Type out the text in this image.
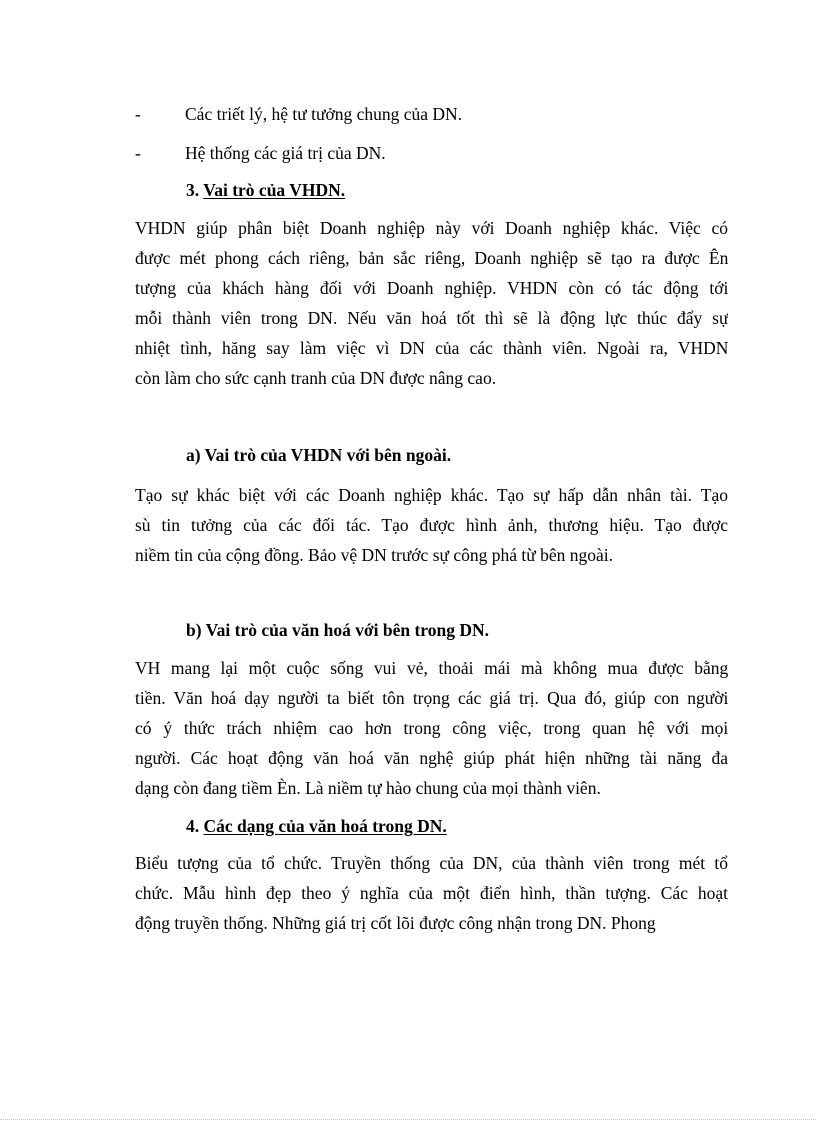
-	Các triết lý, hệ tư tưởng chung của DN.
-	Hệ thống các giá trị của DN.
3. Vai trò của VHDN.
VHDN giúp phân biệt Doanh nghiệp này với Doanh nghiệp khác. Việc có
được mét phong cách riêng, bản sắc riêng, Doanh nghiệp sẽ tạo ra được Ên
tượng của khách hàng đối với Doanh nghiệp. VHDN còn có tác động tới
mỗi thành viên trong DN. Nếu văn hoá tốt thì sẽ là động lực thúc đẩy sự
nhiệt tình, hăng say làm việc vì DN của các thành viên. Ngoài ra, VHDN
còn làm cho sức cạnh tranh của DN được nâng cao.
a) Vai trò của VHDN với bên ngoài.
Tạo sự khác biệt với các Doanh nghiệp khác. Tạo sự hấp dẫn nhân tài. Tạo
sù tin tưởng của các đối tác. Tạo được hình ảnh, thương hiệu. Tạo được
niềm tin của cộng đồng. Bảo vệ DN trước sự công phá từ bên ngoài.
b) Vai trò của văn hoá với bên trong DN.
VH mang lại một cuộc sống vui vẻ, thoải mái mà không mua được bằng
tiền. Văn hoá dạy người ta biết tôn trọng các giá trị. Qua đó, giúp con người
có ý thức trách nhiệm cao hơn trong công việc, trong quan hệ với mọi
người. Các hoạt động văn hoá văn nghệ giúp phát hiện những tài năng đa
dạng còn đang tiềm Èn. Là niềm tự hào chung của mọi thành viên.
4. Các dạng của văn hoá trong DN.
Biểu tượng của tổ chức. Truyền thống của DN, của thành viên trong mét tổ
chức. Mẫu hình đẹp theo ý nghĩa của một điển hình, thần tượng. Các hoạt
động truyền thống. Những giá trị cốt lõi được công nhận trong DN. Phong
